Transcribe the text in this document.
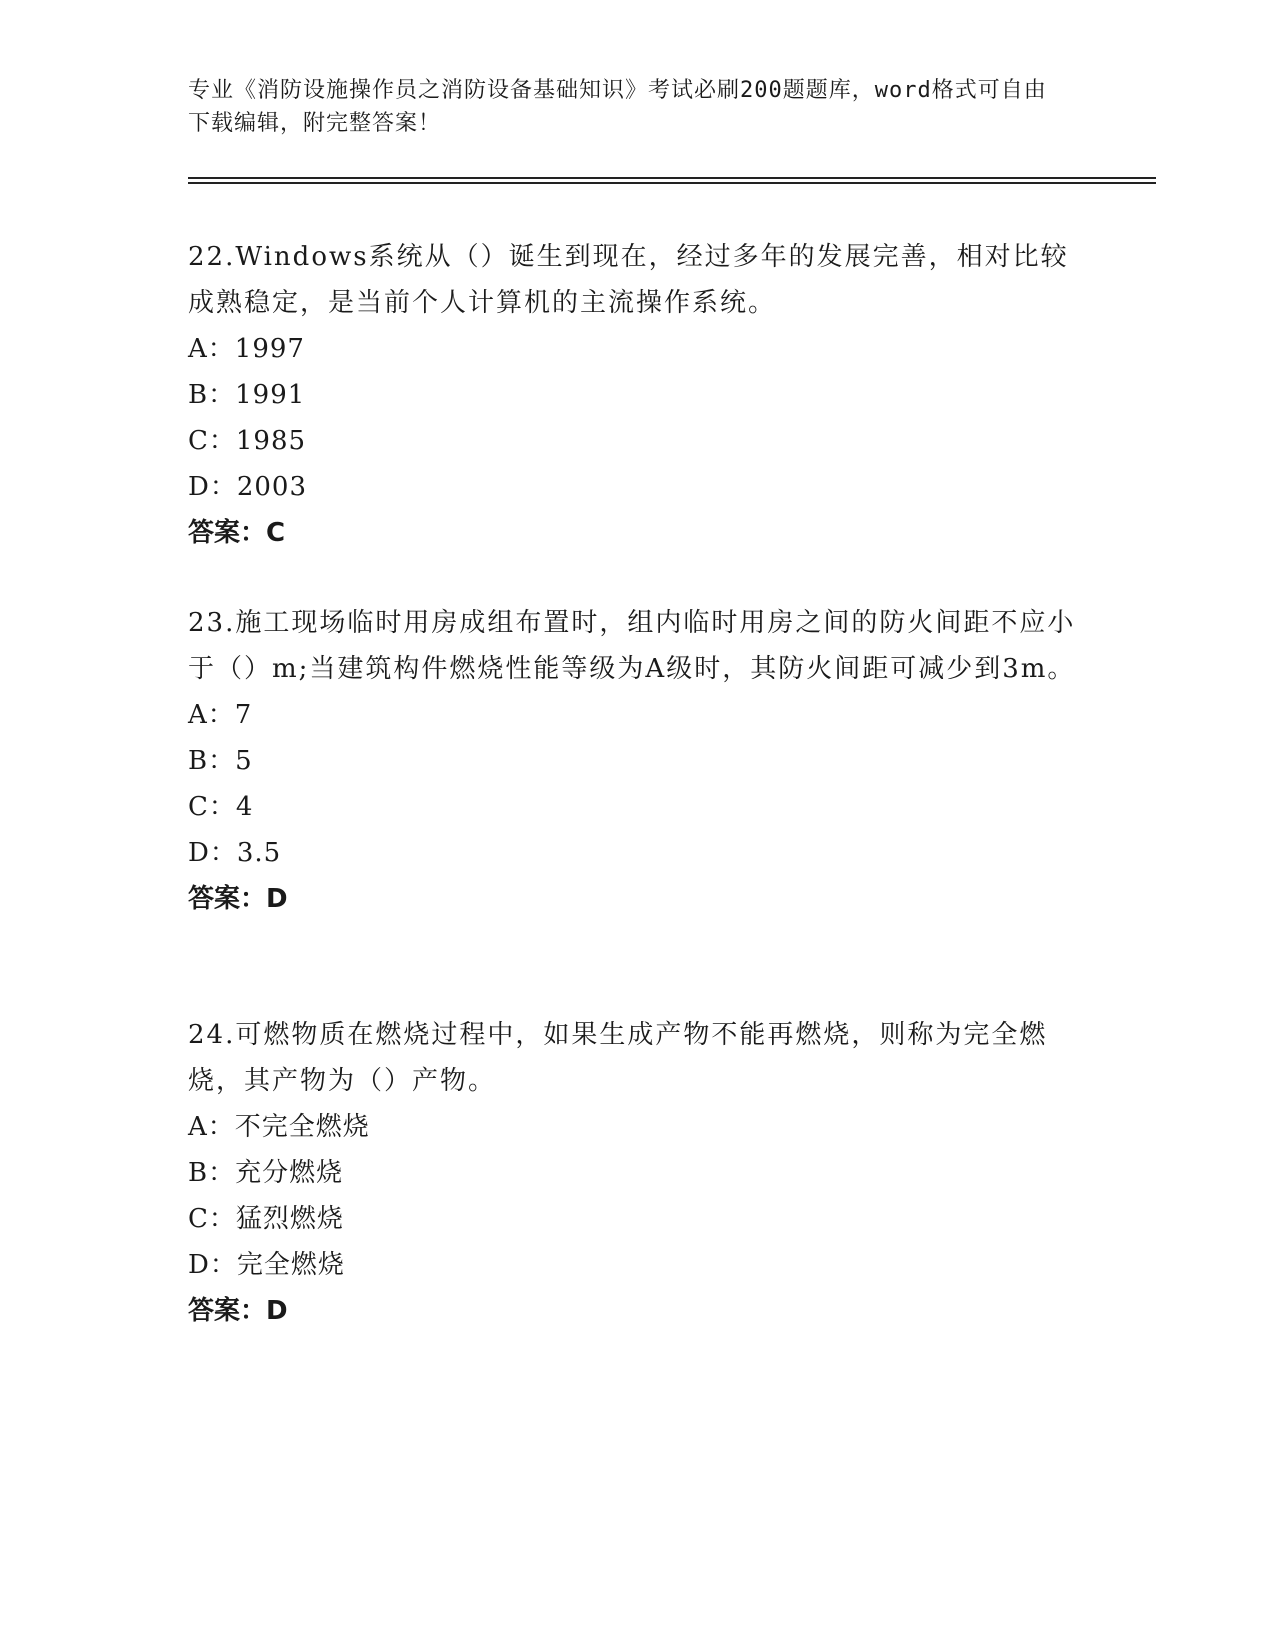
专业《消防设施操作员之消防设备基础知识》考试必刷200题题库，word格式可自由下载编辑，附完整答案！

22.Windows系统从（）诞生到现在，经过多年的发展完善，相对比较成熟稳定，是当前个人计算机的主流操作系统。

A：1997

B：1991

C：1985

D：2003

答案：C

23.施工现场临时用房成组布置时，组内临时用房之间的防火间距不应小于（）m;当建筑构件燃烧性能等级为A级时，其防火间距可减少到3m。

A：7

B：5

C：4

D：3.5

答案：D

24.可燃物质在燃烧过程中，如果生成产物不能再燃烧，则称为完全燃烧，其产物为（）产物。

A：不完全燃烧

B：充分燃烧

C：猛烈燃烧

D：完全燃烧

答案：D
